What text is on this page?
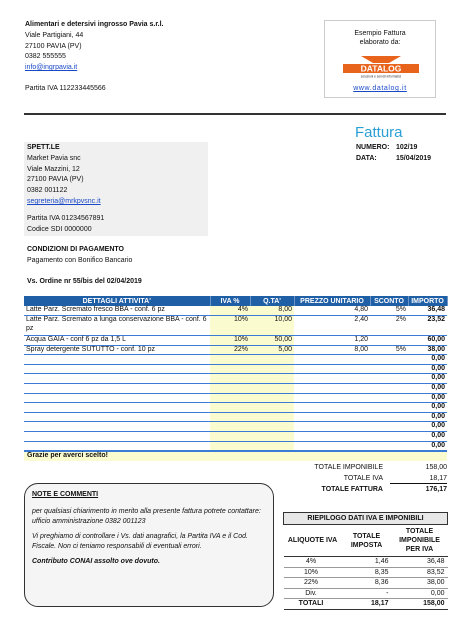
Alimentari e detersivi ingrosso Pavia s.r.l.
Viale Partigiani, 44
27100 PAVIA (PV)
0382 555555
info@ingrpavia.it
Partita IVA 112233445566
Esempio Fattura
elaborato da:
DATALOG
soluzioni e servizi informatici
www.datalog.it
Fattura
NUMERO: 102/19
DATA:	15/04/2019
SPETT.LE
Market Pavia snc
Viale Mazzini, 12
27100 PAVIA (PV)
0382 001122
segreteria@mrkpvsnc.it
Partita IVA 01234567891
Codice SDI 0000000
CONDIZIONI DI PAGAMENTO
Pagamento con Bonifico Bancario
Vs. Ordine nr 55/bis del 02/04/2019
DETTAGLI ATTIVITA'	IVA %	Q.TA'	PREZZO UNITARIO	SCONTO	IMPORTO
Latte Parz. Scremato fresco BBA - conf. 6 pz	4%	8,00	4,80	5%	36,48
Latte Parz. Scremato a lunga conservazione BBA - conf. 6 pz	10%	10,00	2,40	2%	23,52
Acqua GAIA - conf 6 pz da 1,5 L	10%	50,00	1,20		60,00
Spray detergente SUTUTTO - conf. 10 pz	22%	5,00	8,00	5%	38,00
					0,00
					0,00
					0,00
					0,00
					0,00
					0,00
					0,00
					0,00
					0,00
					0,00
Grazie per averci scelto!
TOTALE IMPONIBILE	158,00
TOTALE IVA	18,17
TOTALE FATTURA	176,17
NOTE E COMMENTI

per qualsiasi chiarimento in merito alla presente fattura potrete contattare: ufficio amministrazione 0382 001123

Vi preghiamo di controllare i Vs. dati anagrafici, la Partita IVA e il Cod. Fiscale. Non ci teniamo responsabili di eventuali errori.

Contributo CONAI assolto ove dovuto.

RIEPILOGO DATI IVA E IMPONIBILI		
ALIQUOTE IVA	TOTALE IMPOSTA	TOTALE IMPONIBILE PER IVA
4%	1,46	36,48
10%	8,35	83,52
22%	8,36	38,00
Div.	-	0,00
TOTALI	18,17	158,00
